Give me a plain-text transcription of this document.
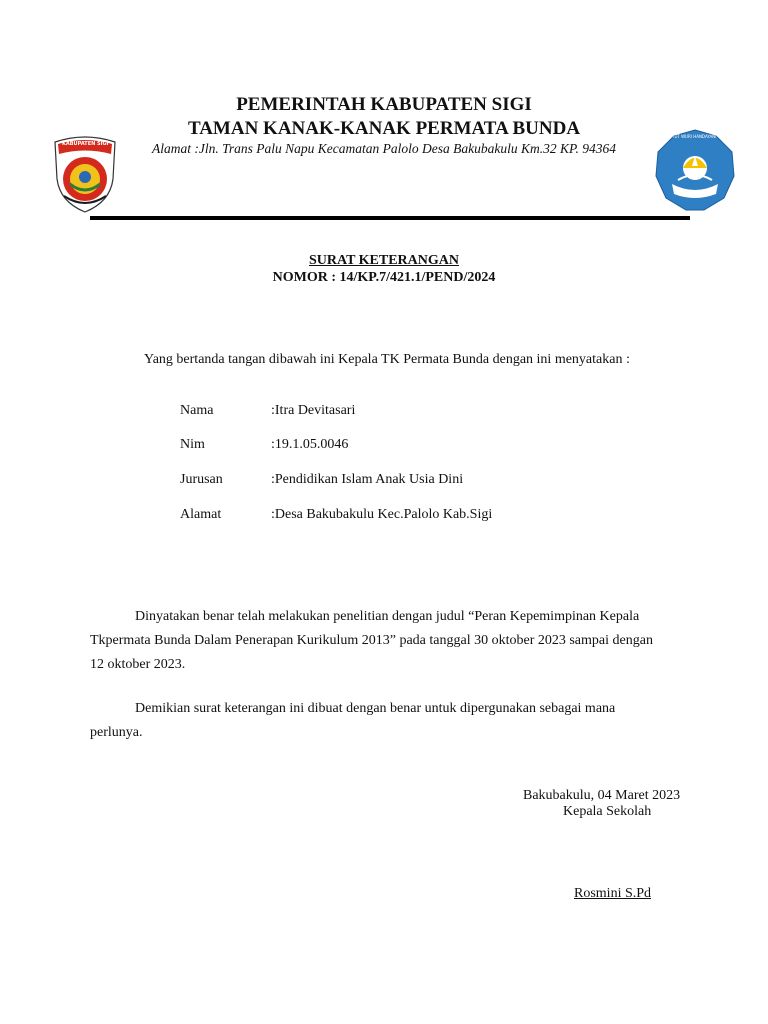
KABUPATEN SIGI
PEMERINTAH KABUPATEN SIGI
TAMAN KANAK-KANAK PERMATA BUNDA
Alamat :Jln. Trans Palu Napu Kecamatan Palolo Desa Bakubakulu Km.32 KP. 94364
TUT WURI HANDAYANI
SURAT KETERANGAN
NOMOR : 14/KP.7/421.1/PEND/2024
Yang bertanda tangan dibawah ini Kepala TK Permata Bunda dengan ini menyatakan :
Nama	:Itra Devitasari
Nim	:19.1.05.0046
Jurusan	:Pendidikan Islam Anak Usia Dini
Alamat	:Desa Bakubakulu Kec.Palolo Kab.Sigi
Dinyatakan benar telah melakukan penelitian dengan judul “Peran Kepemimpinan Kepala Tkpermata Bunda Dalam Penerapan Kurikulum 2013” pada tanggal 30 oktober 2023 sampai dengan 12 oktober 2023.
Demikian surat keterangan ini dibuat dengan benar untuk dipergunakan sebagai mana perlunya.
Bakubakulu, 04 Maret 2023
Kepala Sekolah
Rosmini S.Pd
